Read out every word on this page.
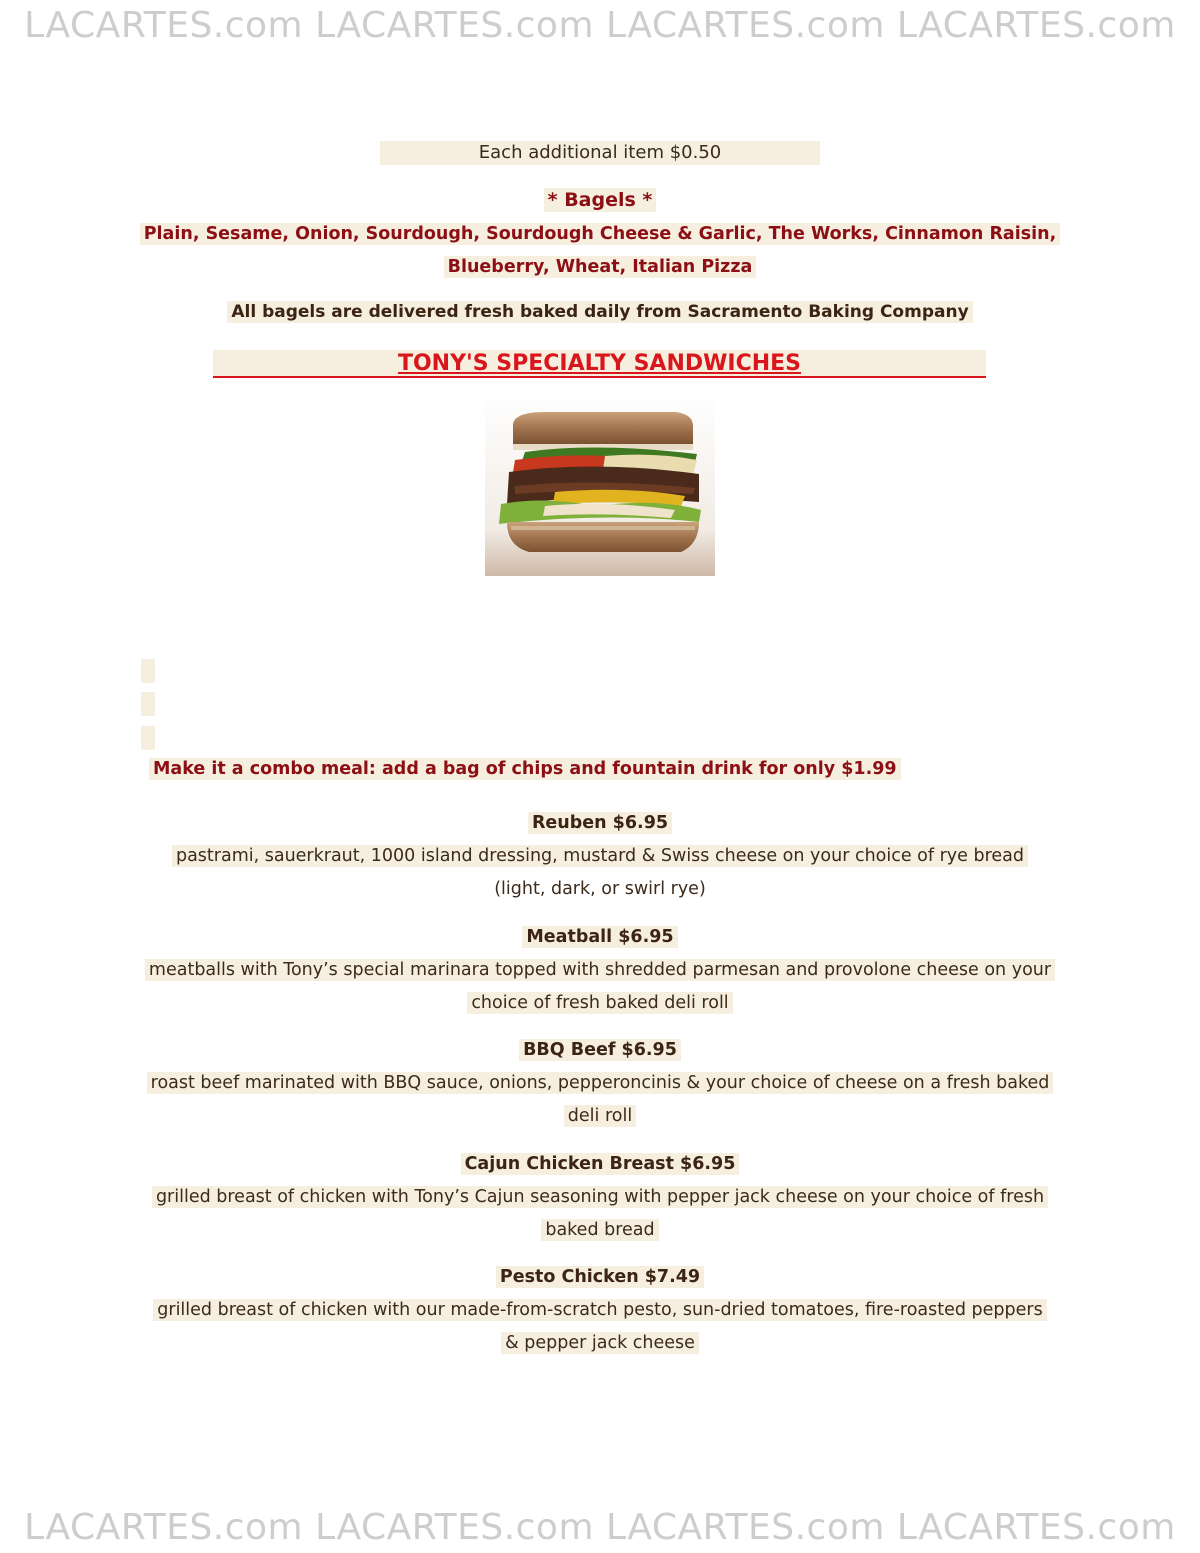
LACARTES.com LACARTES.com LACARTES.com LACARTES.com
Each additional item $0.50
* Bagels *
Plain, Sesame, Onion, Sourdough, Sourdough Cheese & Garlic, The Works, Cinnamon Raisin,
Blueberry, Wheat, Italian Pizza
All bagels are delivered fresh baked daily from Sacramento Baking Company
TONY'S SPECIALTY SANDWICHES
Make it a combo meal: add a bag of chips and fountain drink for only $1.99
Reuben $6.95
pastrami, sauerkraut, 1000 island dressing, mustard & Swiss cheese on your choice of rye bread
(light, dark, or swirl rye)
Meatball $6.95
meatballs with Tony’s special marinara topped with shredded parmesan and provolone cheese on your
choice of fresh baked deli roll
BBQ Beef $6.95
roast beef marinated with BBQ sauce, onions, pepperoncinis & your choice of cheese on a fresh baked
deli roll
Cajun Chicken Breast $6.95
grilled breast of chicken with Tony’s Cajun seasoning with pepper jack cheese on your choice of fresh
baked bread
Pesto Chicken $7.49
grilled breast of chicken with our made-from-scratch pesto, sun-dried tomatoes, fire-roasted peppers
& pepper jack cheese
LACARTES.com LACARTES.com LACARTES.com LACARTES.com
